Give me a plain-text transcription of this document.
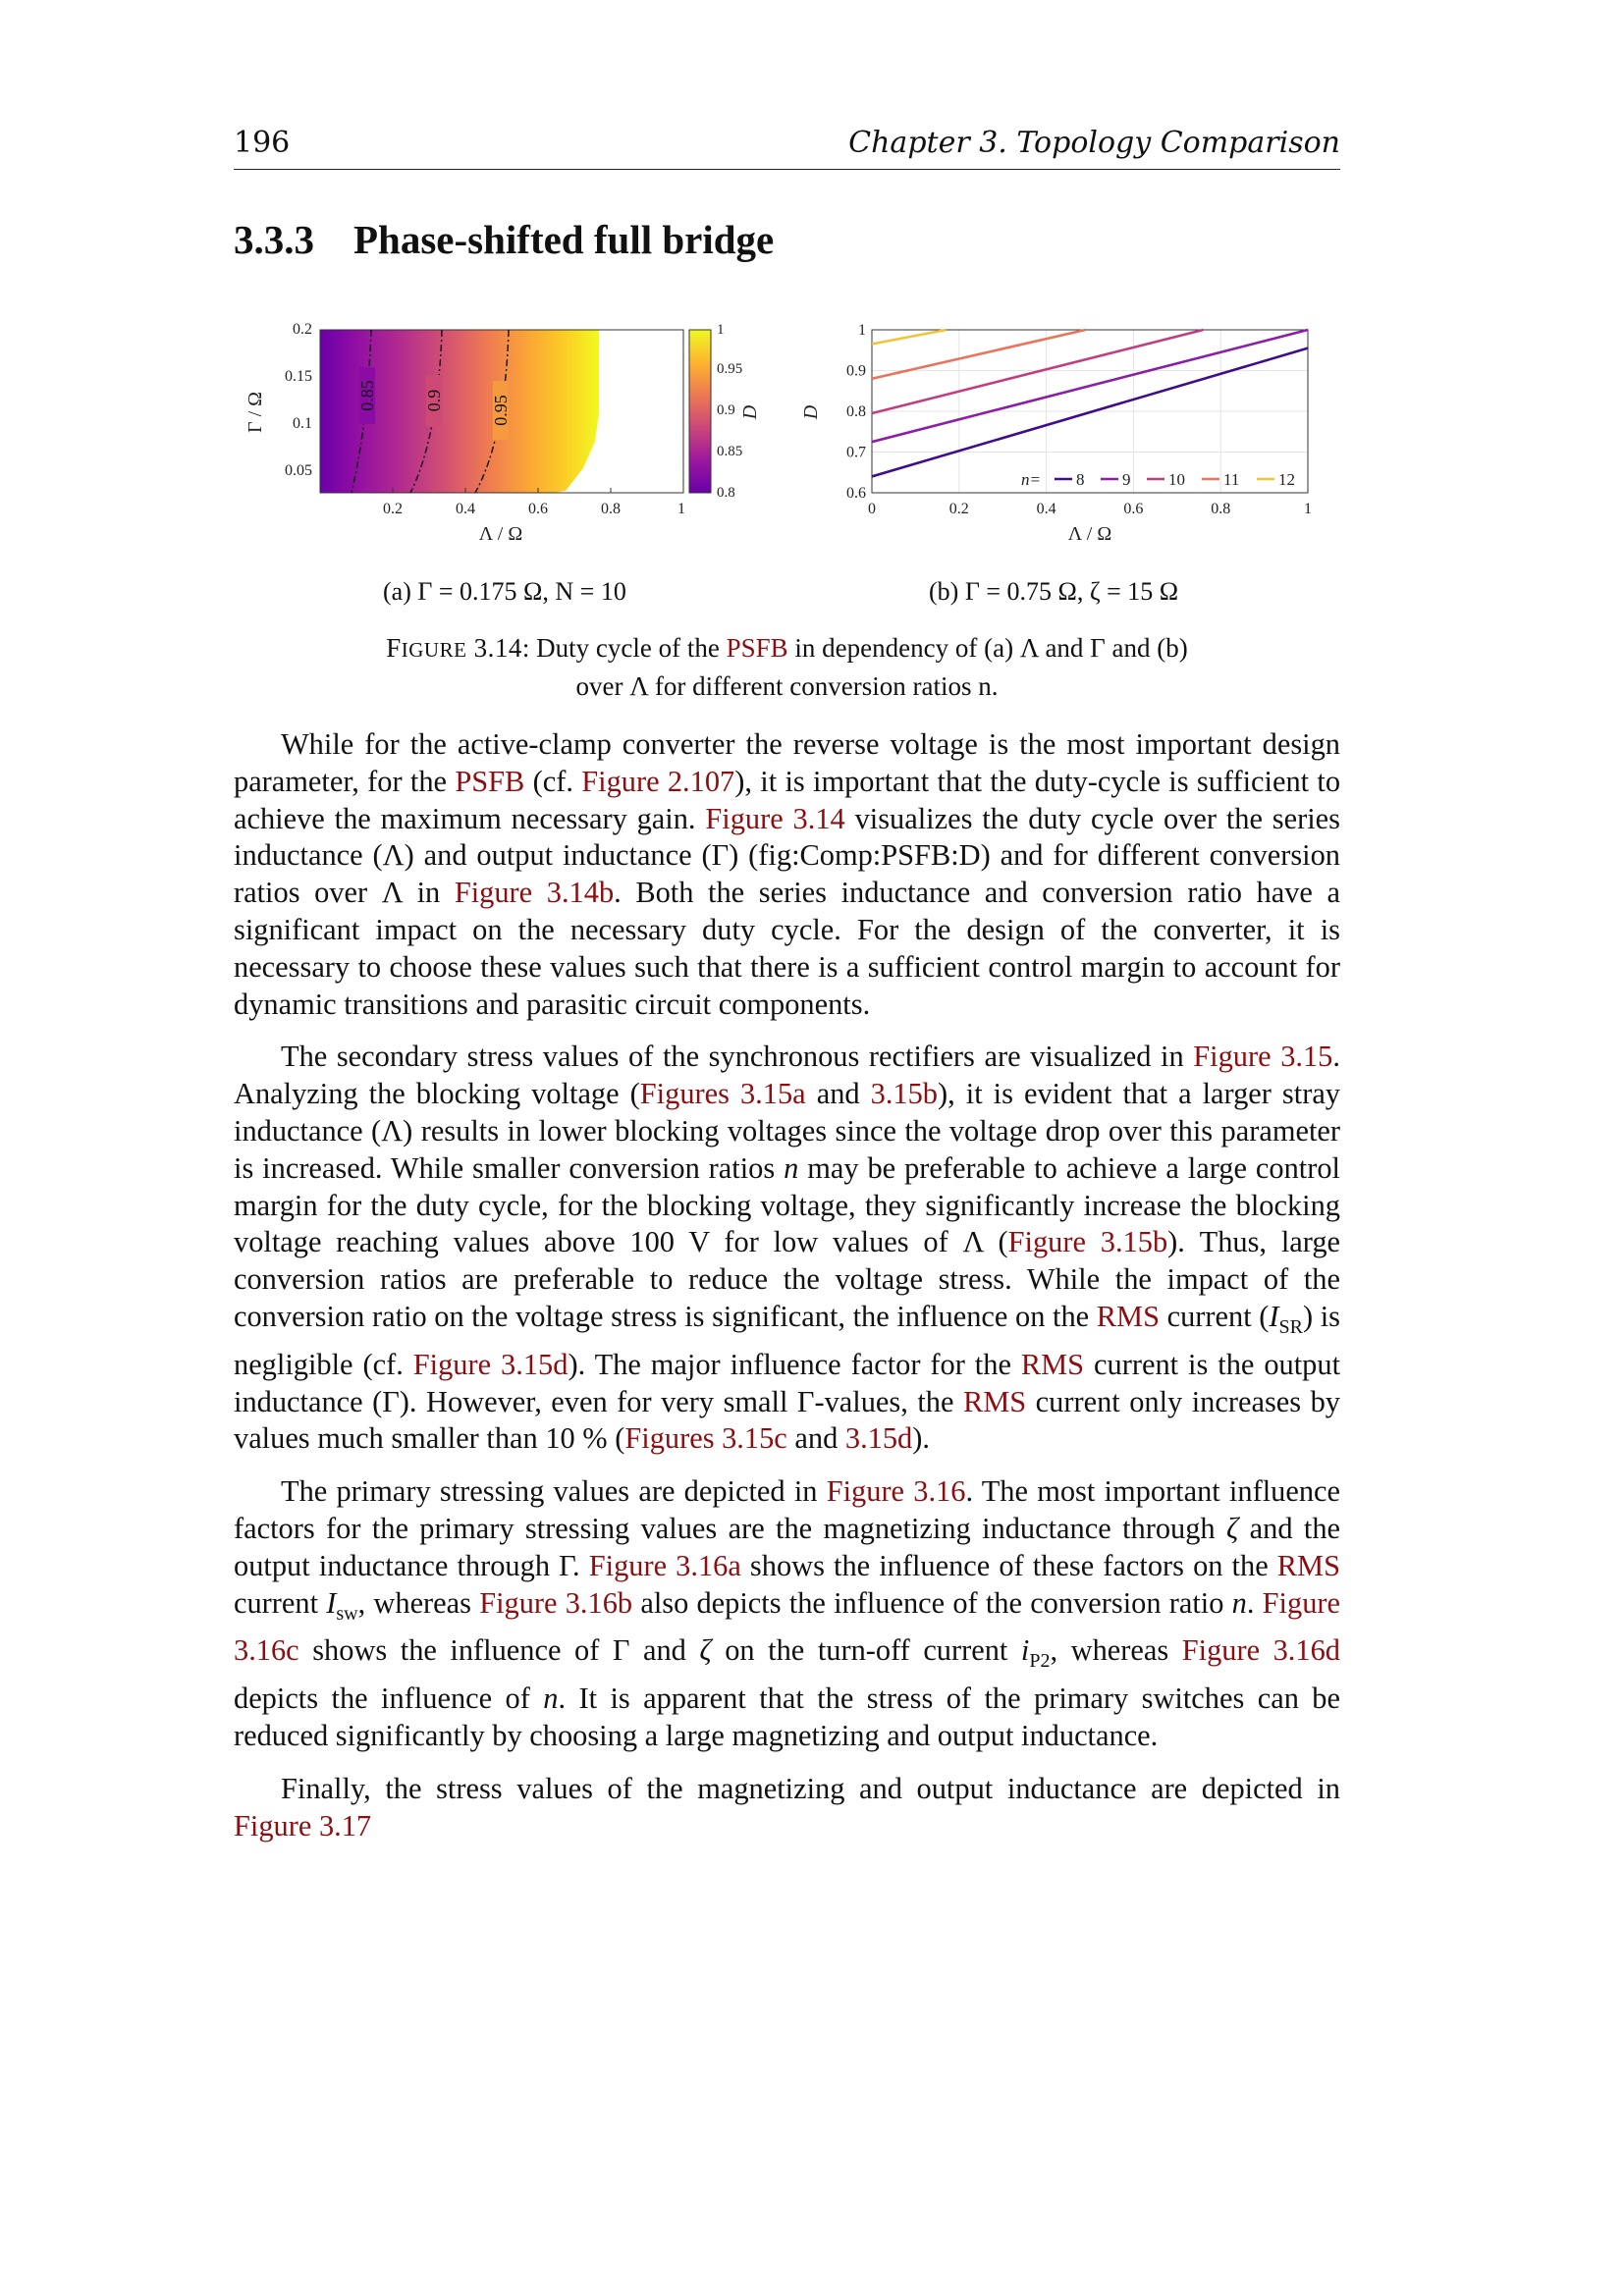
196	Chapter 3. Topology Comparison
3.3.3 Phase-shifted full bridge
0.85	0.9	0.95
0.2
0.15
0.1
0.05
Γ / Ω
0.2	0.4	0.6	0.8	1
Λ / Ω
1
0.95
0.9
0.85
0.8
D
1
0.9
0.8
0.7
0.6
D
0	0.2	0.4	0.6	0.8	1
Λ / Ω
n= 8 9 10 11 12
(a) Γ = 0.175 Ω, N = 10	(b) Γ = 0.75 Ω, ζ = 15 Ω
FIGURE 3.14: Duty cycle of the PSFB in dependency of (a) Λ and Γ and (b)
over Λ for different conversion ratios n.

While for the active-clamp converter the reverse voltage is the most important design parameter, for the PSFB (cf. Figure 2.107), it is important that the duty-cycle is sufficient to achieve the maximum necessary gain. Figure 3.14 visualizes the duty cycle over the series inductance (Λ) and output inductance (Γ) (fig:Comp:PSFB:D) and for different conversion ratios over Λ in Figure 3.14b. Both the series inductance and conversion ratio have a significant impact on the necessary duty cycle. For the design of the converter, it is necessary to choose these values such that there is a sufficient control margin to account for dynamic transitions and parasitic circuit components.

The secondary stress values of the synchronous rectifiers are visualized in Figure 3.15. Analyzing the blocking voltage (Figures 3.15a and 3.15b), it is evident that a larger stray inductance (Λ) results in lower blocking voltages since the voltage drop over this parameter is increased. While smaller conversion ratios n may be preferable to achieve a large control margin for the duty cycle, for the blocking voltage, they significantly increase the blocking voltage reaching values above 100 V for low values of Λ (Figure 3.15b). Thus, large conversion ratios are preferable to reduce the voltage stress. While the impact of the conversion ratio on the voltage stress is significant, the influence on the RMS current $(I_{SR})$ is negligible (cf. Figure 3.15d). The major influence factor for the RMS current is the output inductance (Γ). However, even for very small Γ-values, the RMS current only increases by values much smaller than 10 % (Figures 3.15c and 3.15d).

The primary stressing values are depicted in Figure 3.16. The most important influence factors for the primary stressing values are the magnetizing inductance through ζ and the output inductance through Γ. Figure 3.16a shows the influence of these factors on the RMS current $I_{sw}$, whereas Figure 3.16b also depicts the influence of the conversion ratio n. Figure 3.16c shows the influence of Γ and ζ on the turn-off current $i_{P2}$, whereas Figure 3.16d depicts the influence of n. It is apparent that the stress of the primary switches can be reduced significantly by choosing a large magnetizing and output inductance.

Finally, the stress values of the magnetizing and output inductance are depicted in Figure 3.17
